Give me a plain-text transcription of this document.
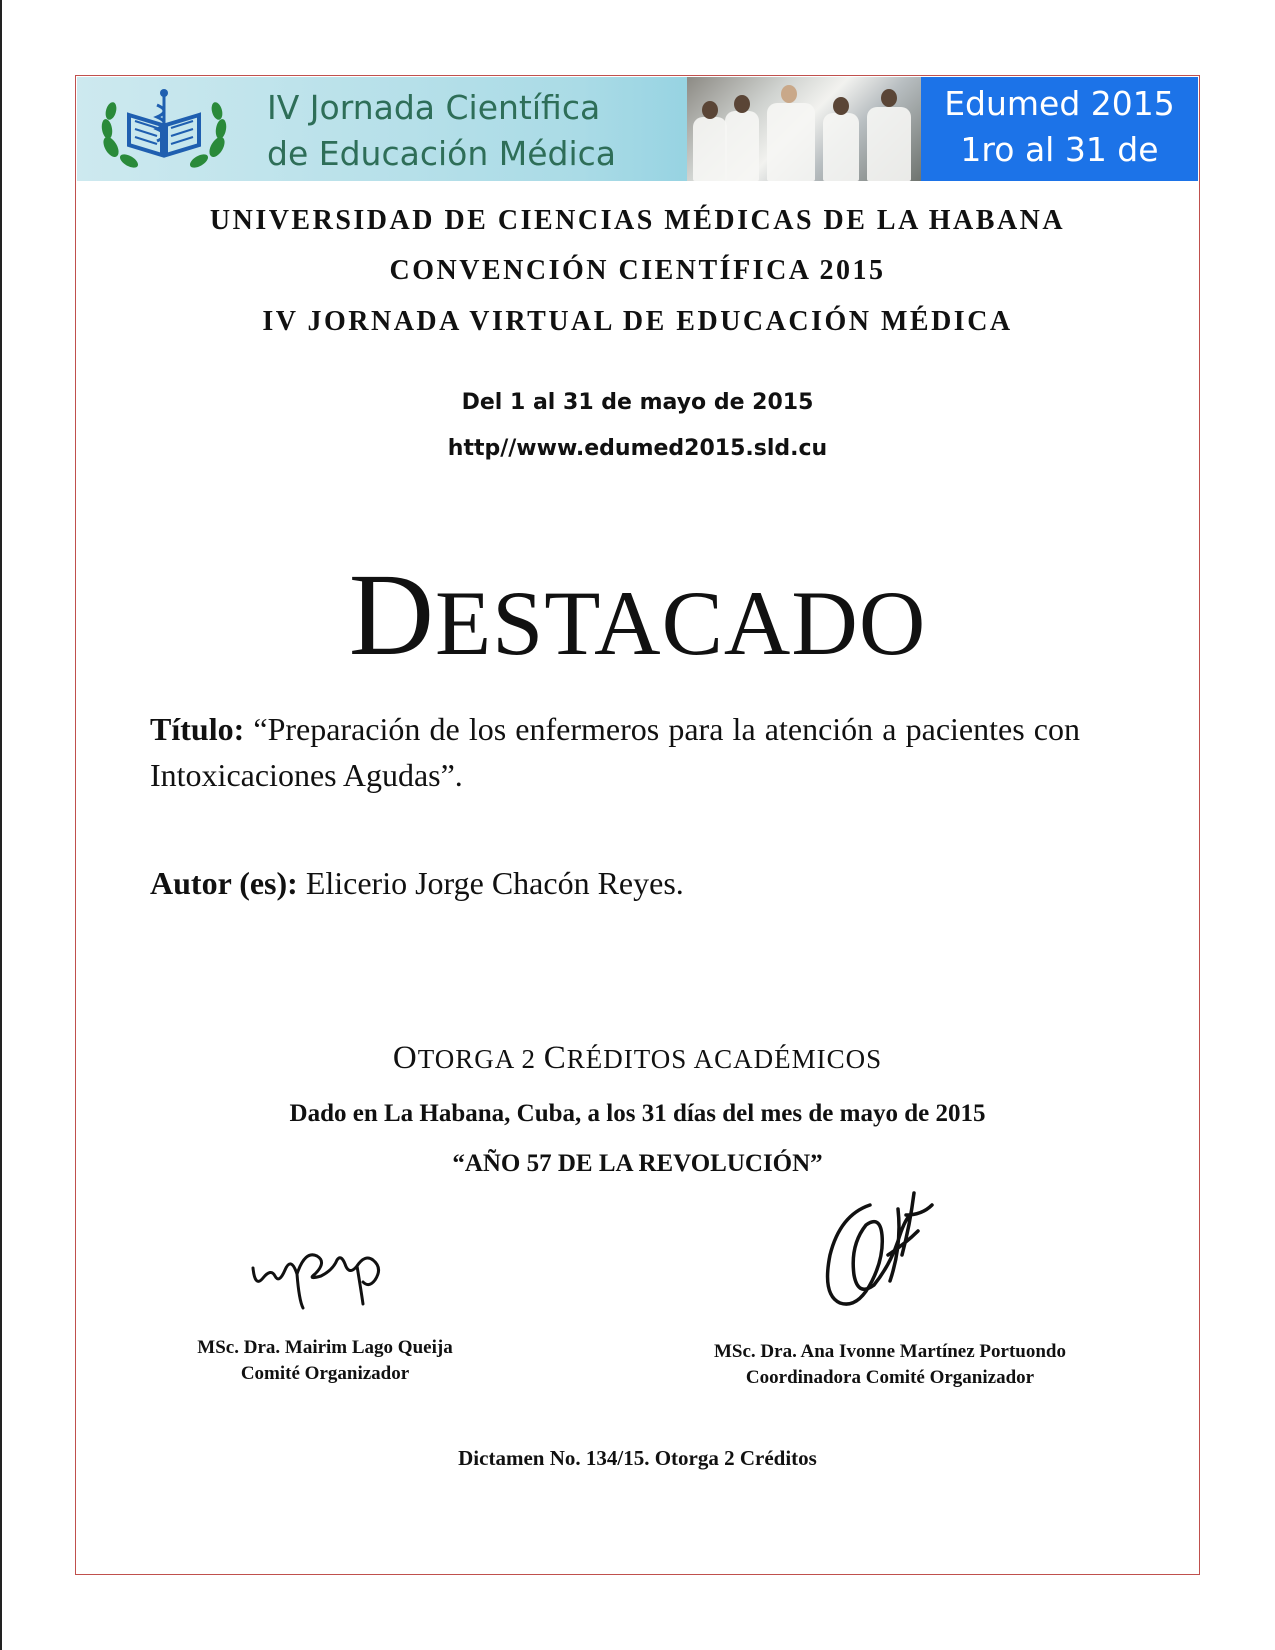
IV Jornada Científica
de Educación Médica
Edumed 2015
1ro al 31 de mayo
UNIVERSIDAD DE CIENCIAS MÉDICAS DE LA HABANA
CONVENCIÓN CIENTÍFICA 2015
IV JORNADA VIRTUAL DE EDUCACIÓN MÉDICA
Del 1 al 31 de mayo de 2015
http//www.edumed2015.sld.cu
DESTACADO
Título: “Preparación de los enfermeros para la atención a pacientes con Intoxicaciones Agudas”.
Autor (es): Elicerio Jorge Chacón Reyes.
OTORGA 2 CRÉDITOS ACADÉMICOS
Dado en La Habana, Cuba, a los 31 días del mes de mayo de 2015
“AÑO 57 DE LA REVOLUCIÓN”
MSc. Dra. Mairim Lago Queija
Comité Organizador
MSc. Dra. Ana Ivonne Martínez Portuondo
Coordinadora Comité Organizador
Dictamen No. 134/15. Otorga 2 Créditos
